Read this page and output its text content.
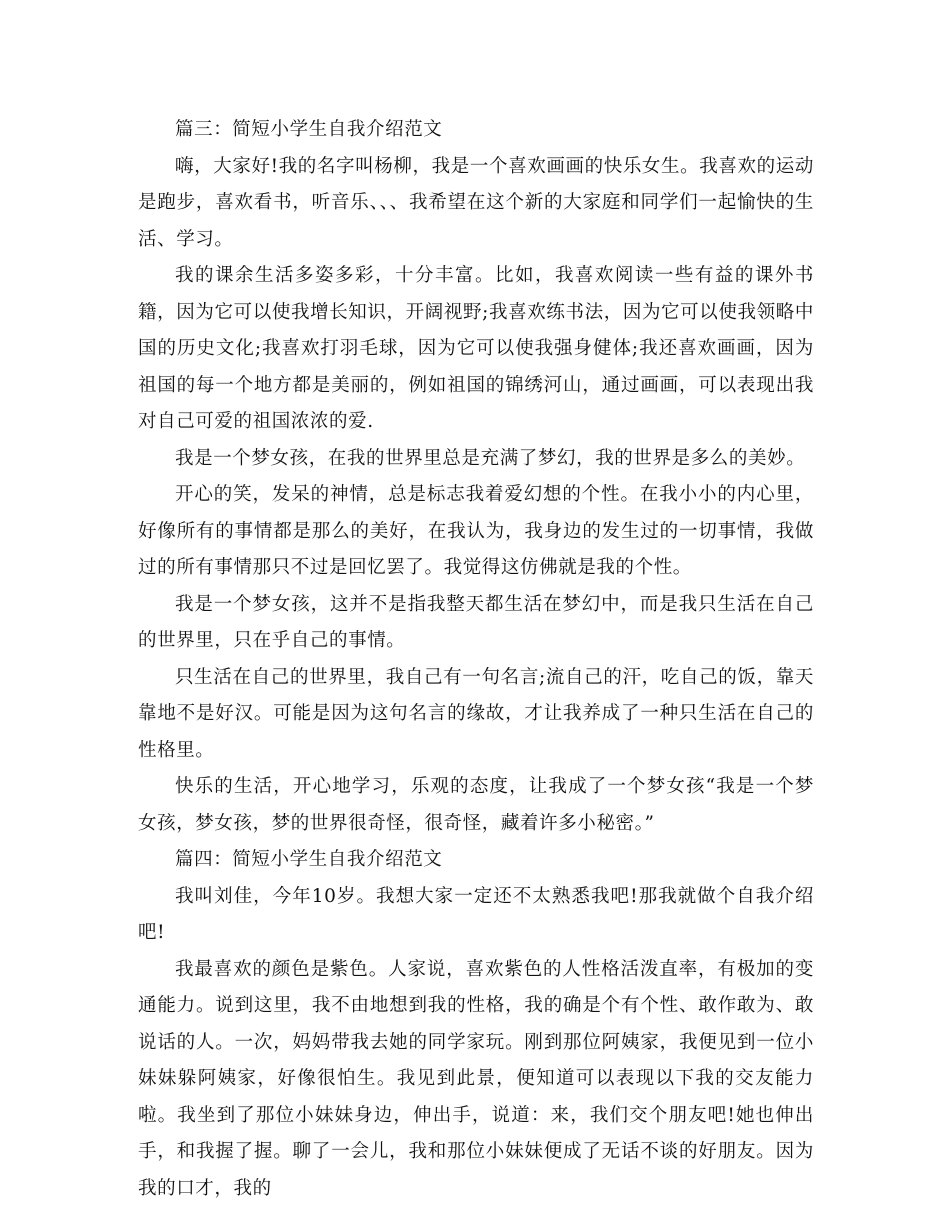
篇三：简短小学生自我介绍范文

嗨，大家好!我的名字叫杨柳，我是一个喜欢画画的快乐女生。我喜欢的运动是跑步，喜欢看书，听音乐、、、我希望在这个新的大家庭和同学们一起愉快的生活、学习。

我的课余生活多姿多彩，十分丰富。比如，我喜欢阅读一些有益的课外书籍，因为它可以使我增长知识，开阔视野;我喜欢练书法，因为它可以使我领略中国的历史文化;我喜欢打羽毛球，因为它可以使我强身健体;我还喜欢画画，因为祖国的每一个地方都是美丽的，例如祖国的锦绣河山，通过画画，可以表现出我对自己可爱的祖国浓浓的爱.

我是一个梦女孩，在我的世界里总是充满了梦幻，我的世界是多么的美妙。

开心的笑，发呆的神情，总是标志我着爱幻想的个性。在我小小的内心里，好像所有的事情都是那么的美好，在我认为，我身边的发生过的一切事情，我做过的所有事情那只不过是回忆罢了。我觉得这仿佛就是我的个性。

我是一个梦女孩，这并不是指我整天都生活在梦幻中，而是我只生活在自己的世界里，只在乎自己的事情。

只生活在自己的世界里，我自己有一句名言;流自己的汗，吃自己的饭，靠天靠地不是好汉。可能是因为这句名言的缘故，才让我养成了一种只生活在自己的性格里。

快乐的生活，开心地学习，乐观的态度，让我成了一个梦女孩“我是一个梦女孩，梦女孩，梦的世界很奇怪，很奇怪，藏着许多小秘密。”

篇四：简短小学生自我介绍范文

我叫刘佳，今年10岁。我想大家一定还不太熟悉我吧!那我就做个自我介绍吧!

我最喜欢的颜色是紫色。人家说，喜欢紫色的人性格活泼直率，有极加的变通能力。说到这里，我不由地想到我的性格，我的确是个有个性、敢作敢为、敢说话的人。一次，妈妈带我去她的同学家玩。刚到那位阿姨家，我便见到一位小妹妹躲阿姨家，好像很怕生。我见到此景，便知道可以表现以下我的交友能力啦。我坐到了那位小妹妹身边，伸出手，说道：来，我们交个朋友吧!她也伸出手，和我握了握。聊了一会儿，我和那位小妹妹便成了无话不谈的好朋友。因为我的口才，我的
